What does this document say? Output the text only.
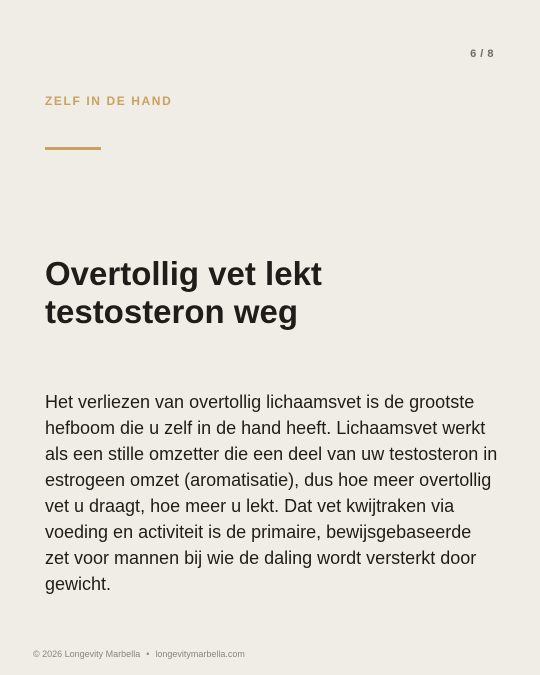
6 / 8
ZELF IN DE HAND
Overtollig vet lekt testosteron weg

Het verliezen van overtollig lichaamsvet is de grootste hefboom die u zelf in de hand heeft. Lichaamsvet werkt als een stille omzetter die een deel van uw testosteron in estrogeen omzet (aromatisatie), dus hoe meer overtollig vet u draagt, hoe meer u lekt. Dat vet kwijtraken via voeding en activiteit is de primaire, bewijsgebaseerde zet voor mannen bij wie de daling wordt versterkt door gewicht.

© 2026 Longevity Marbella • longevitymarbella.com
